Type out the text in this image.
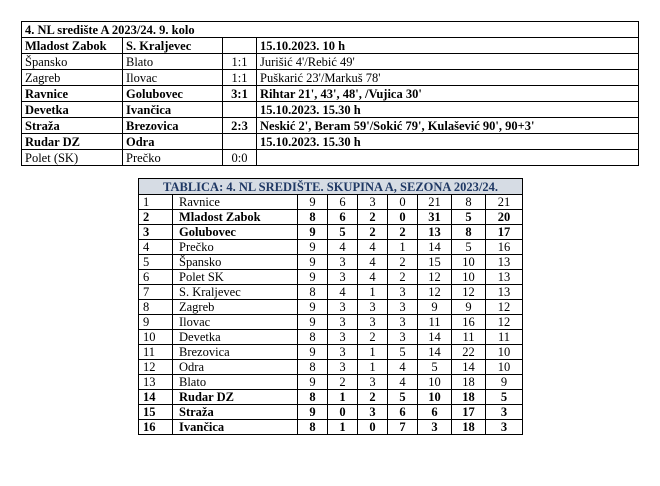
4. NL središte A 2023/24. 9. kolo			
Mladost Zabok	S. Kraljevec		15.10.2023. 10 h
Špansko	Blato	1:1	Jurišić 4'/Rebić 49'
Zagreb	Ilovac	1:1	Puškarić 23'/Markuš 78'
Ravnice	Golubovec	3:1	Rihtar 21', 43', 48', /Vujica 30'
Devetka	Ivančica		15.10.2023. 15.30 h
Straža	Brezovica	2:3	Neskić 2', Beram 59'/Sokić 79', Kulašević 90', 90+3'
Rudar DZ	Odra		15.10.2023. 15.30 h
Polet (SK)	Prečko	0:0	
TABLICA: 4. NL SREDIŠTE. SKUPINA A, SEZONA 2023/24.								
1	Ravnice	9	6	3	0	21	8	21
2	Mladost Zabok	8	6	2	0	31	5	20
3	Golubovec	9	5	2	2	13	8	17
4	Prečko	9	4	4	1	14	5	16
5	Špansko	9	3	4	2	15	10	13
6	Polet SK	9	3	4	2	12	10	13
7	S. Kraljevec	8	4	1	3	12	12	13
8	Zagreb	9	3	3	3	9	9	12
9	Ilovac	9	3	3	3	11	16	12
10	Devetka	8	3	2	3	14	11	11
11	Brezovica	9	3	1	5	14	22	10
12	Odra	8	3	1	4	5	14	10
13	Blato	9	2	3	4	10	18	9
14	Rudar DZ	8	1	2	5	10	18	5
15	Straža	9	0	3	6	6	17	3
16	Ivančica	8	1	0	7	3	18	3
